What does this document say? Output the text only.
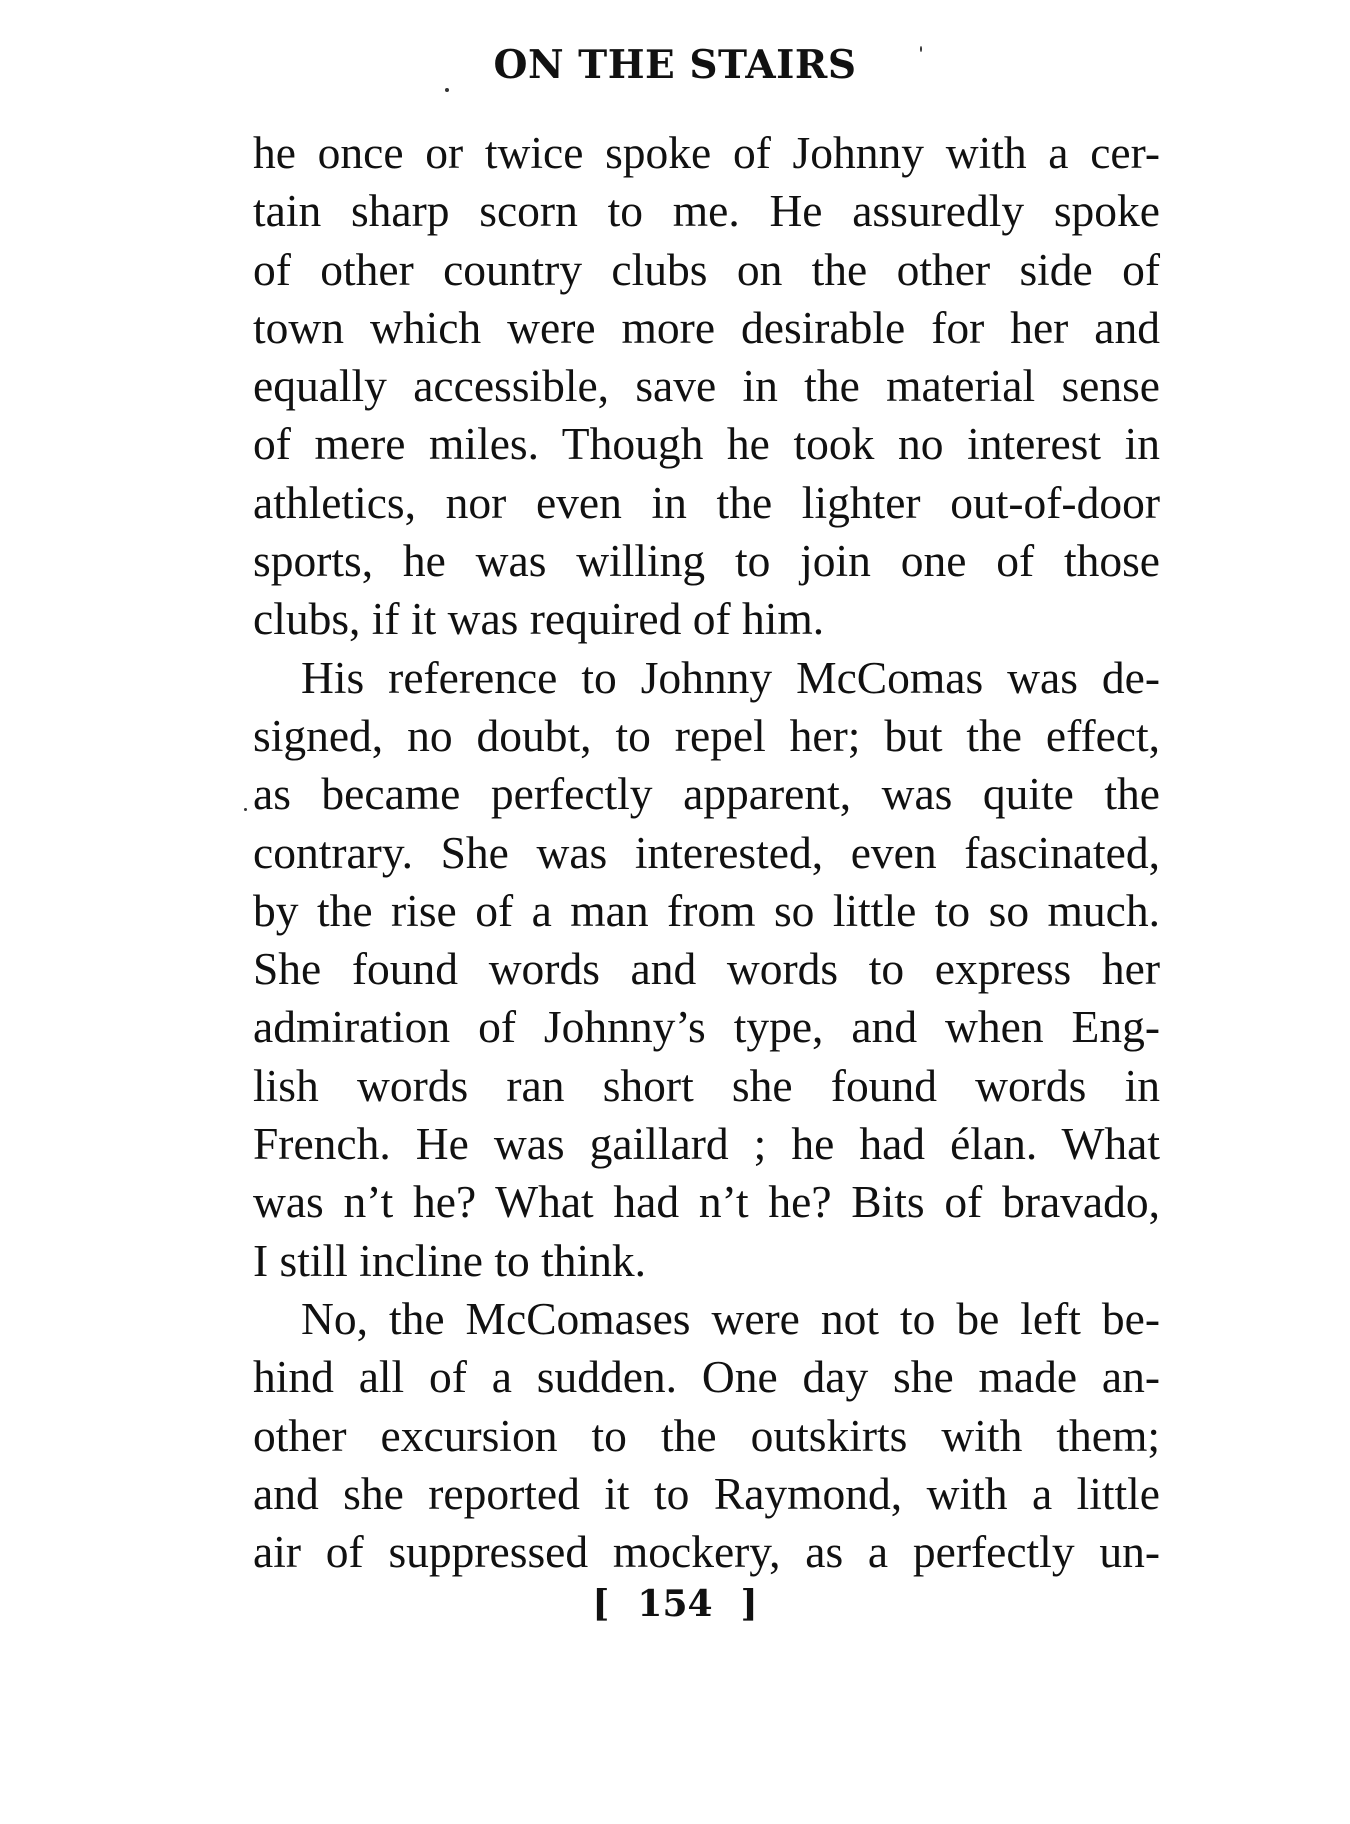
ON THE STAIRS

he once or twice spoke of Johnny with a cer-
tain sharp scorn to me. He assuredly spoke
of other country clubs on the other side of
town which were more desirable for her and
equally accessible, save in the material sense
of mere miles. Though he took no interest in
athletics, nor even in the lighter out-of-door
sports, he was willing to join one of those
clubs, if it was required of him.

His reference to Johnny McComas was de-
signed, no doubt, to repel her; but the effect,
as became perfectly apparent, was quite the
contrary. She was interested, even fascinated,
by the rise of a man from so little to so much.
She found words and words to express her
admiration of Johnny’s type, and when Eng-
lish words ran short she found words in
French. He was gaillard ; he had élan. What
was n’t he? What had n’t he? Bits of bravado,
I still incline to think.

No, the McComases were not to be left be-
hind all of a sudden. One day she made an-
other excursion to the outskirts with them;
and she reported it to Raymond, with a little
air of suppressed mockery, as a perfectly un-

[ 154 ]
